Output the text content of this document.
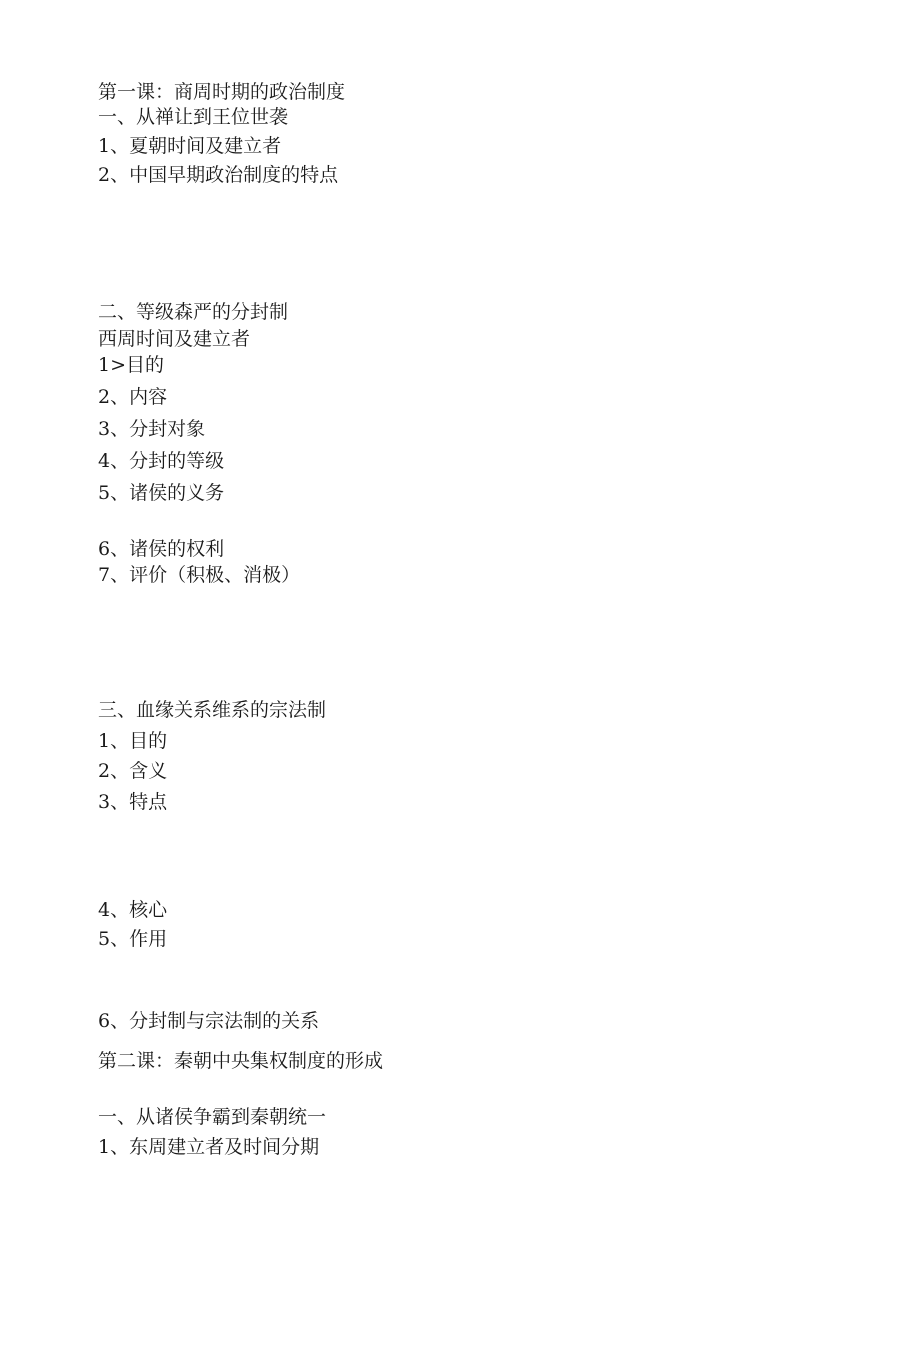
第一课：商周时期的政治制度
一、从禅让到王位世袭
1、夏朝时间及建立者
2、中国早期政治制度的特点
二、等级森严的分封制
西周时间及建立者
1>目的
2、内容
3、分封对象
4、分封的等级
5、诸侯的义务
6、诸侯的权利
7、评价（积极、消极）
三、血缘关系维系的宗法制
1、目的
2、含义
3、特点
4、核心
5、作用
6、分封制与宗法制的关系
第二课：秦朝中央集权制度的形成
一、从诸侯争霸到秦朝统一
1、东周建立者及时间分期
